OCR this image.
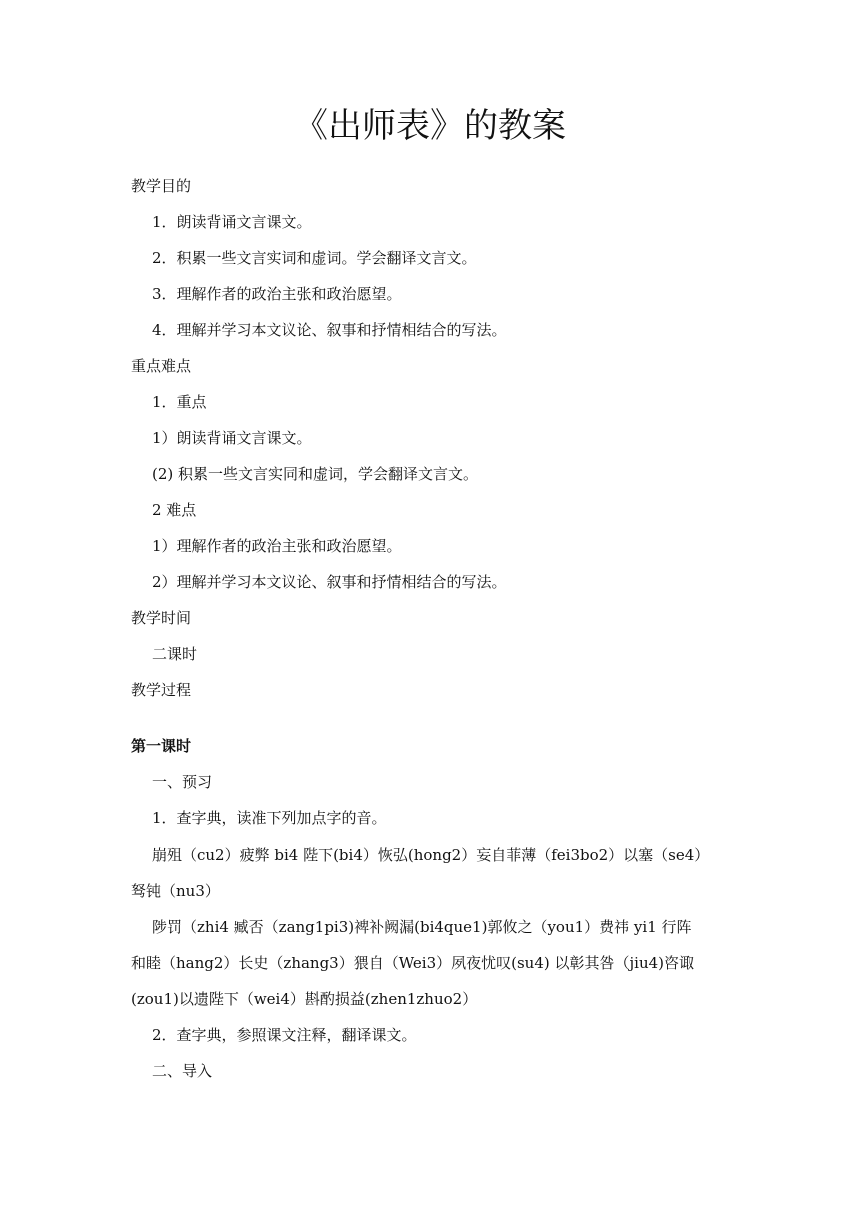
《出师表》的教案
教学目的
1．朗读背诵文言课文。
2．积累一些文言实词和虚词。学会翻译文言文。
3．理解作者的政治主张和政治愿望。
4．理解并学习本文议论、叙事和抒情相结合的写法。
重点难点
1．重点
1）朗读背诵文言课文。
(2) 积累一些文言实同和虚词，学会翻译文言文。
2 难点
1）理解作者的政治主张和政治愿望。
2）理解并学习本文议论、叙事和抒情相结合的写法。
教学时间
二课时
教学过程
第一课时
一、预习
1．查字典，读准下列加点字的音。
崩殂（cu2）疲弊 bi4 陛下(bi4）恢弘(hong2）妄自菲薄（fei3bo2）以塞（se4）
驽钝（nu3）
陟罚（zhi4 臧否（zang1pi3)裨补阙漏(bi4que1)郭攸之（you1）费祎 yi1 行阵
和睦（hang2）长史（zhang3）猥自（Wei3）夙夜忧叹(su4) 以彰其咎（jiu4)咨诹
(zou1)以遗陛下（wei4）斟酌损益(zhen1zhuo2）
2．查字典，参照课文注释，翻译课文。
二、导入
